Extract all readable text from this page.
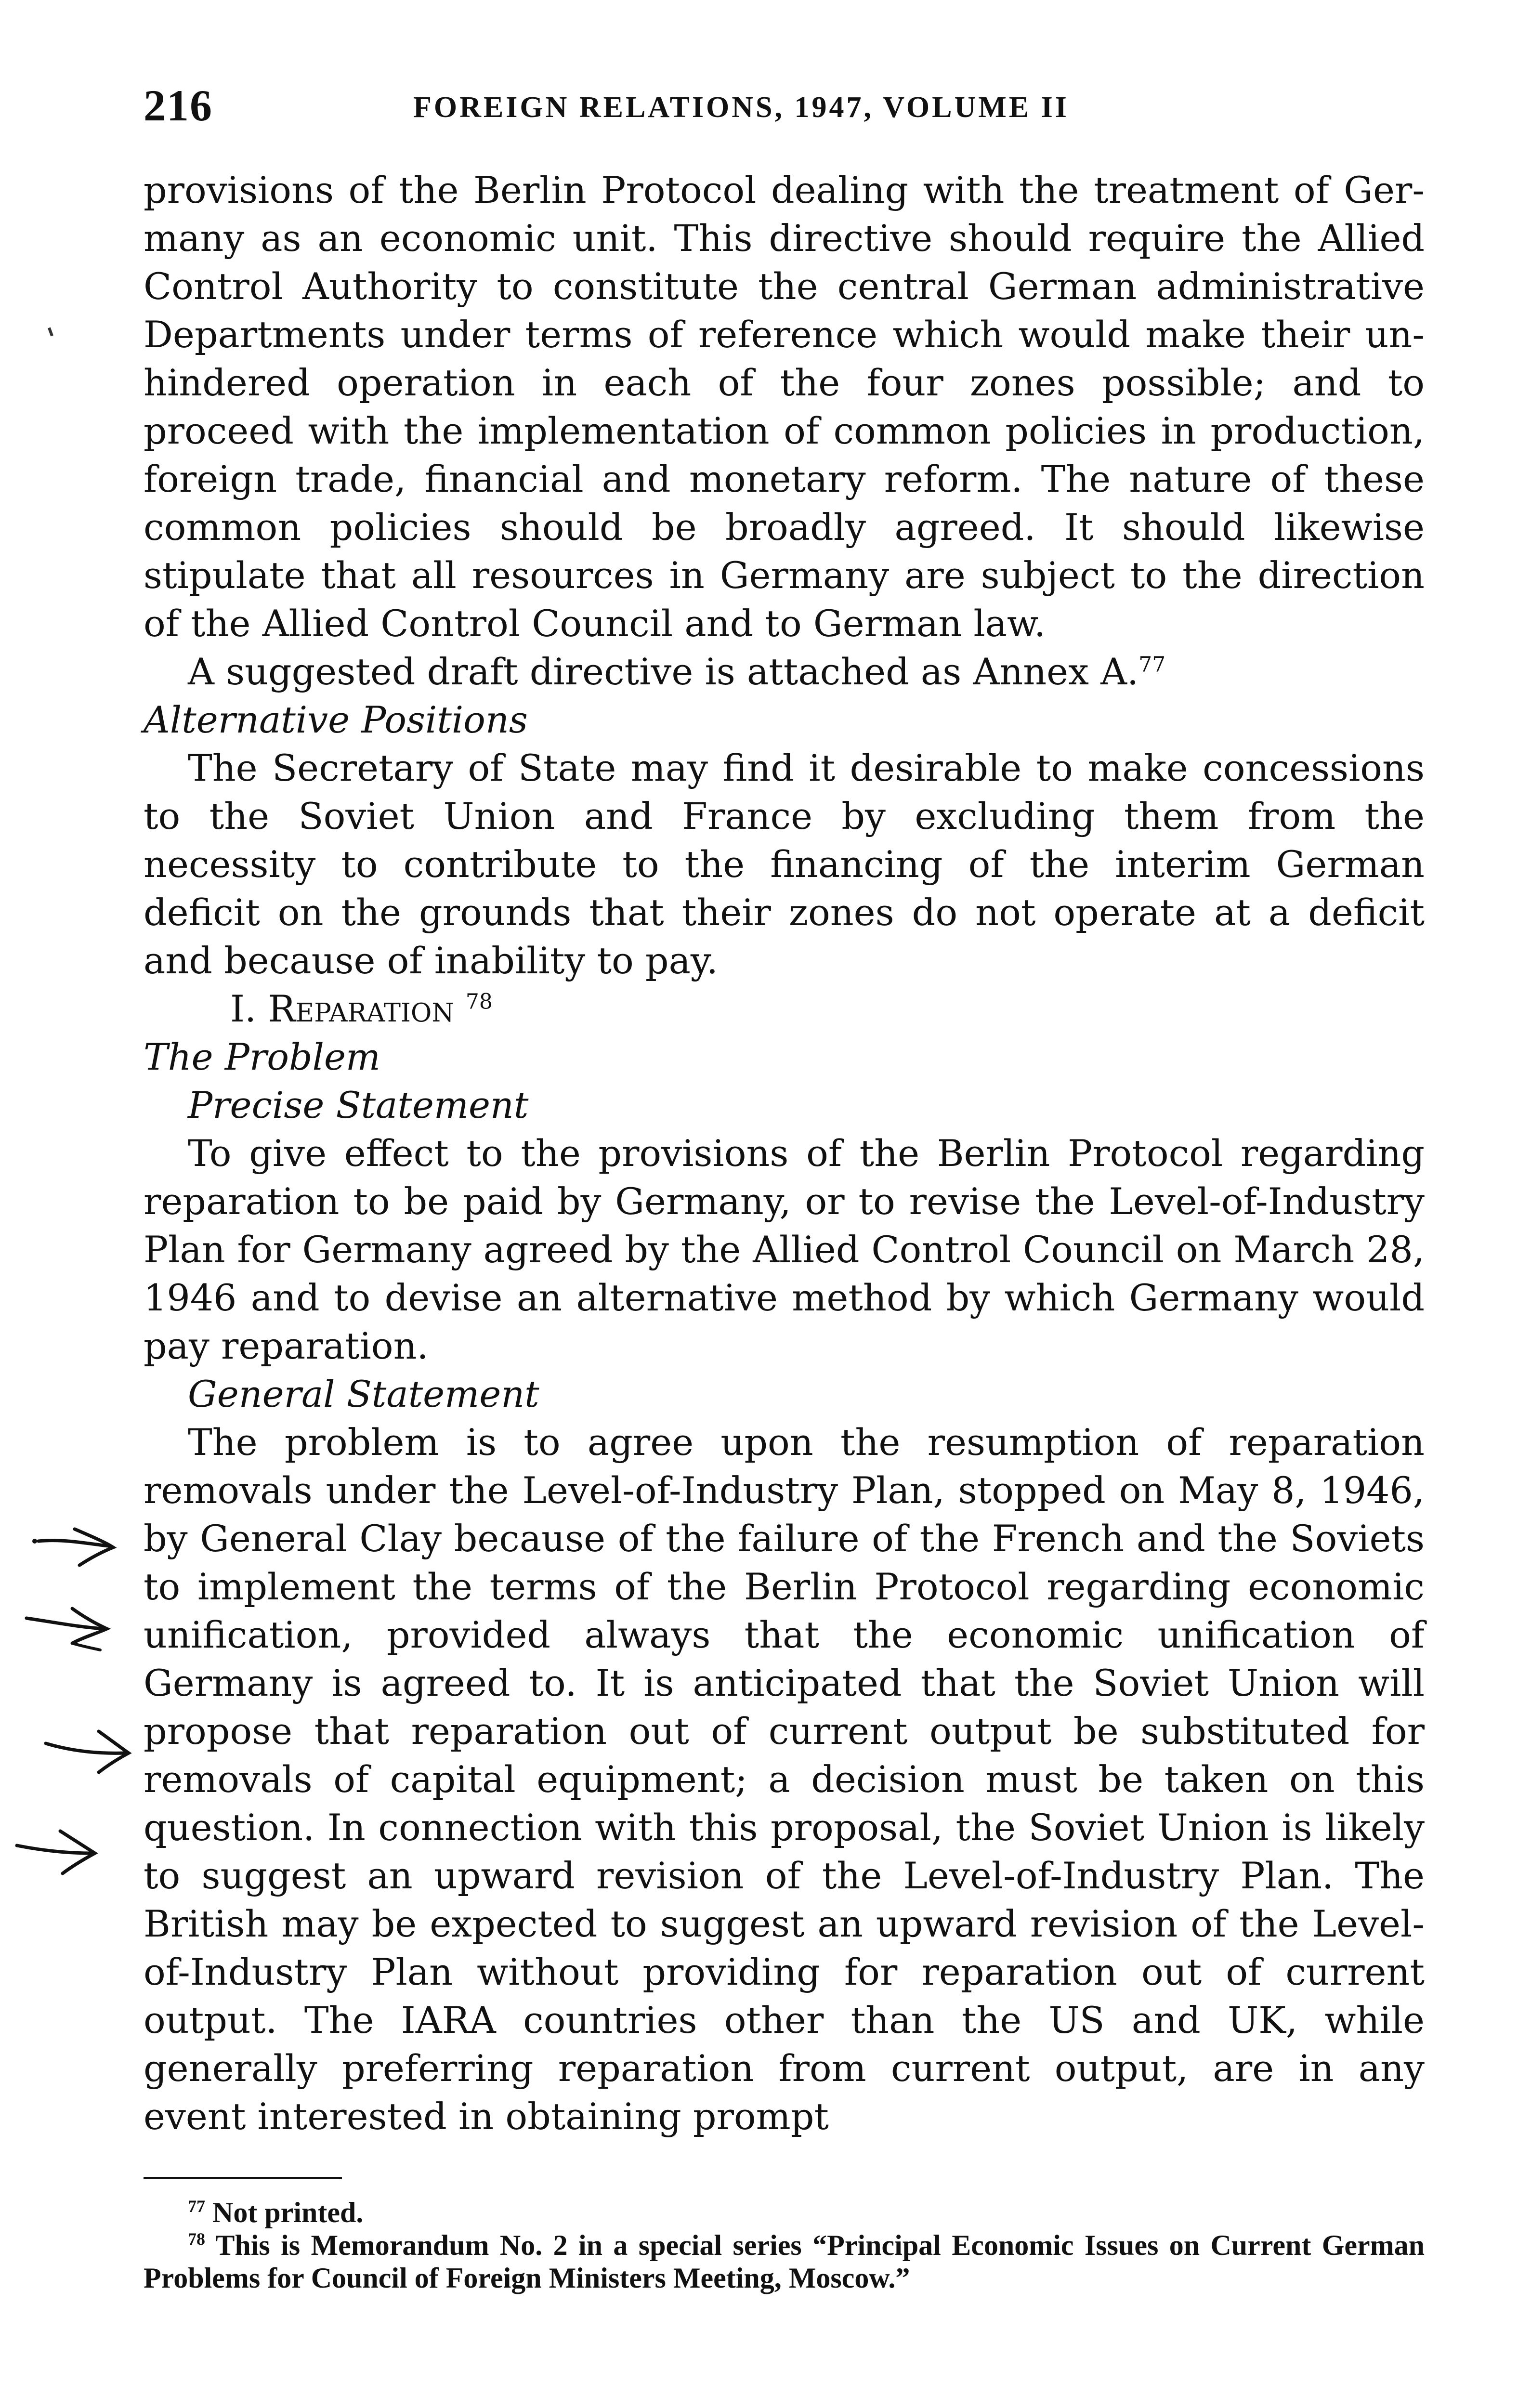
216	FOREIGN RELATIONS, 1947, VOLUME II

provisions of the Berlin Protocol dealing with the treatment of Germany as an economic unit. This directive should require the Allied Control Authority to constitute the central German administrative Departments under terms of reference which would make their unhindered operation in each of the four zones possible; and to proceed with the implementation of common policies in production, foreign trade, financial and monetary reform. The nature of these common policies should be broadly agreed. It should likewise stipulate that all resources in Germany are subject to the direction of the Allied Control Council and to German law.

A suggested draft directive is attached as Annex A.$^{77}$

Alternative Positions

The Secretary of State may find it desirable to make concessions to the Soviet Union and France by excluding them from the necessity to contribute to the financing of the interim German deficit on the grounds that their zones do not operate at a deficit and because of inability to pay.

I. Reparation $^{78}$

The Problem

Precise Statement

To give effect to the provisions of the Berlin Protocol regarding reparation to be paid by Germany, or to revise the Level-of-Industry Plan for Germany agreed by the Allied Control Council on March 28, 1946 and to devise an alternative method by which Germany would pay reparation.

General Statement

The problem is to agree upon the resumption of reparation removals under the Level-of-Industry Plan, stopped on May 8, 1946, by General Clay because of the failure of the French and the Soviets to implement the terms of the Berlin Protocol regarding economic unification, provided always that the economic unification of Germany is agreed to. It is anticipated that the Soviet Union will propose that reparation out of current output be substituted for removals of capital equipment; a decision must be taken on this question. In connection with this proposal, the Soviet Union is likely to suggest an upward revision of the Level-of-Industry Plan. The British may be expected to suggest an upward revision of the Level-of-Industry Plan without providing for reparation out of current output. The IARA countries other than the US and UK, while generally preferring reparation from current output, are in any event interested in obtaining prompt

$^{77}$ Not printed.

$^{78}$ This is Memorandum No. 2 in a special series “Principal Economic Issues on Current German Problems for Council of Foreign Ministers Meeting, Moscow.”
